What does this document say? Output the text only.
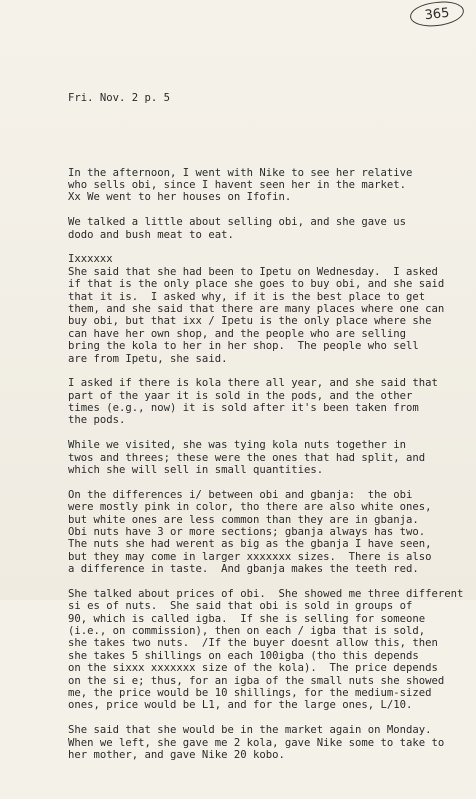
365

Fri. Nov. 2 p. 5

In the afternoon, I went with Nike to see her relative
who sells obi, since I havent seen her in the market.
Xx We went to her houses on Ifofin.
We talked a little about selling obi, and she gave us
dodo and bush meat to eat.
Ixxxxxx
She said that she had been to Ipetu on Wednesday.  I asked
if that is the only place she goes to buy obi, and she said
that it is.  I asked why, if it is the best place to get
them, and she said that there are many places where one can
buy obi, but that ixx / Ipetu is the only place where she
can have her own shop, and the people who are selling
bring the kola to her in her shop.  The people who sell
are from Ipetu, she said.
I asked if there is kola there all year, and she said that
part of the yaar it is sold in the pods, and the other
times (e.g., now) it is sold after it's been taken from
the pods.
While we visited, she was tying kola nuts together in
twos and threes; these were the ones that had split, and
which she will sell in small quantities.
On the differences i/ between obi and gbanja:  the obi
were mostly pink in color, tho there are also white ones,
but white ones are less common than they are in gbanja.
Obi nuts have 3 or more sections; gbanja always has two.
The nuts she had werent as big as the gbanja I have seen,
but they may come in larger xxxxxxx sizes.  There is also
a difference in taste.  And gbanja makes the teeth red.
She talked about prices of obi.  She showed me three different
si es of nuts.  She said that obi is sold in groups of
90, which is called igba.  If she is selling for someone
(i.e., on commission), then on each / igba that is sold,
she takes two nuts.  /If the buyer doesnt allow this, then
she takes 5 shillings on each 100igba (tho this depends
on the sixxx xxxxxxx size of the kola).  The price depends
on the si e; thus, for an igba of the small nuts she showed
me, the price would be 10 shillings, for the medium-sized
ones, price would be L1, and for the large ones, L/10.
She said that she would be in the market again on Monday.
When we left, she gave me 2 kola, gave Nike some to take to
her mother, and gave Nike 20 kobo.
